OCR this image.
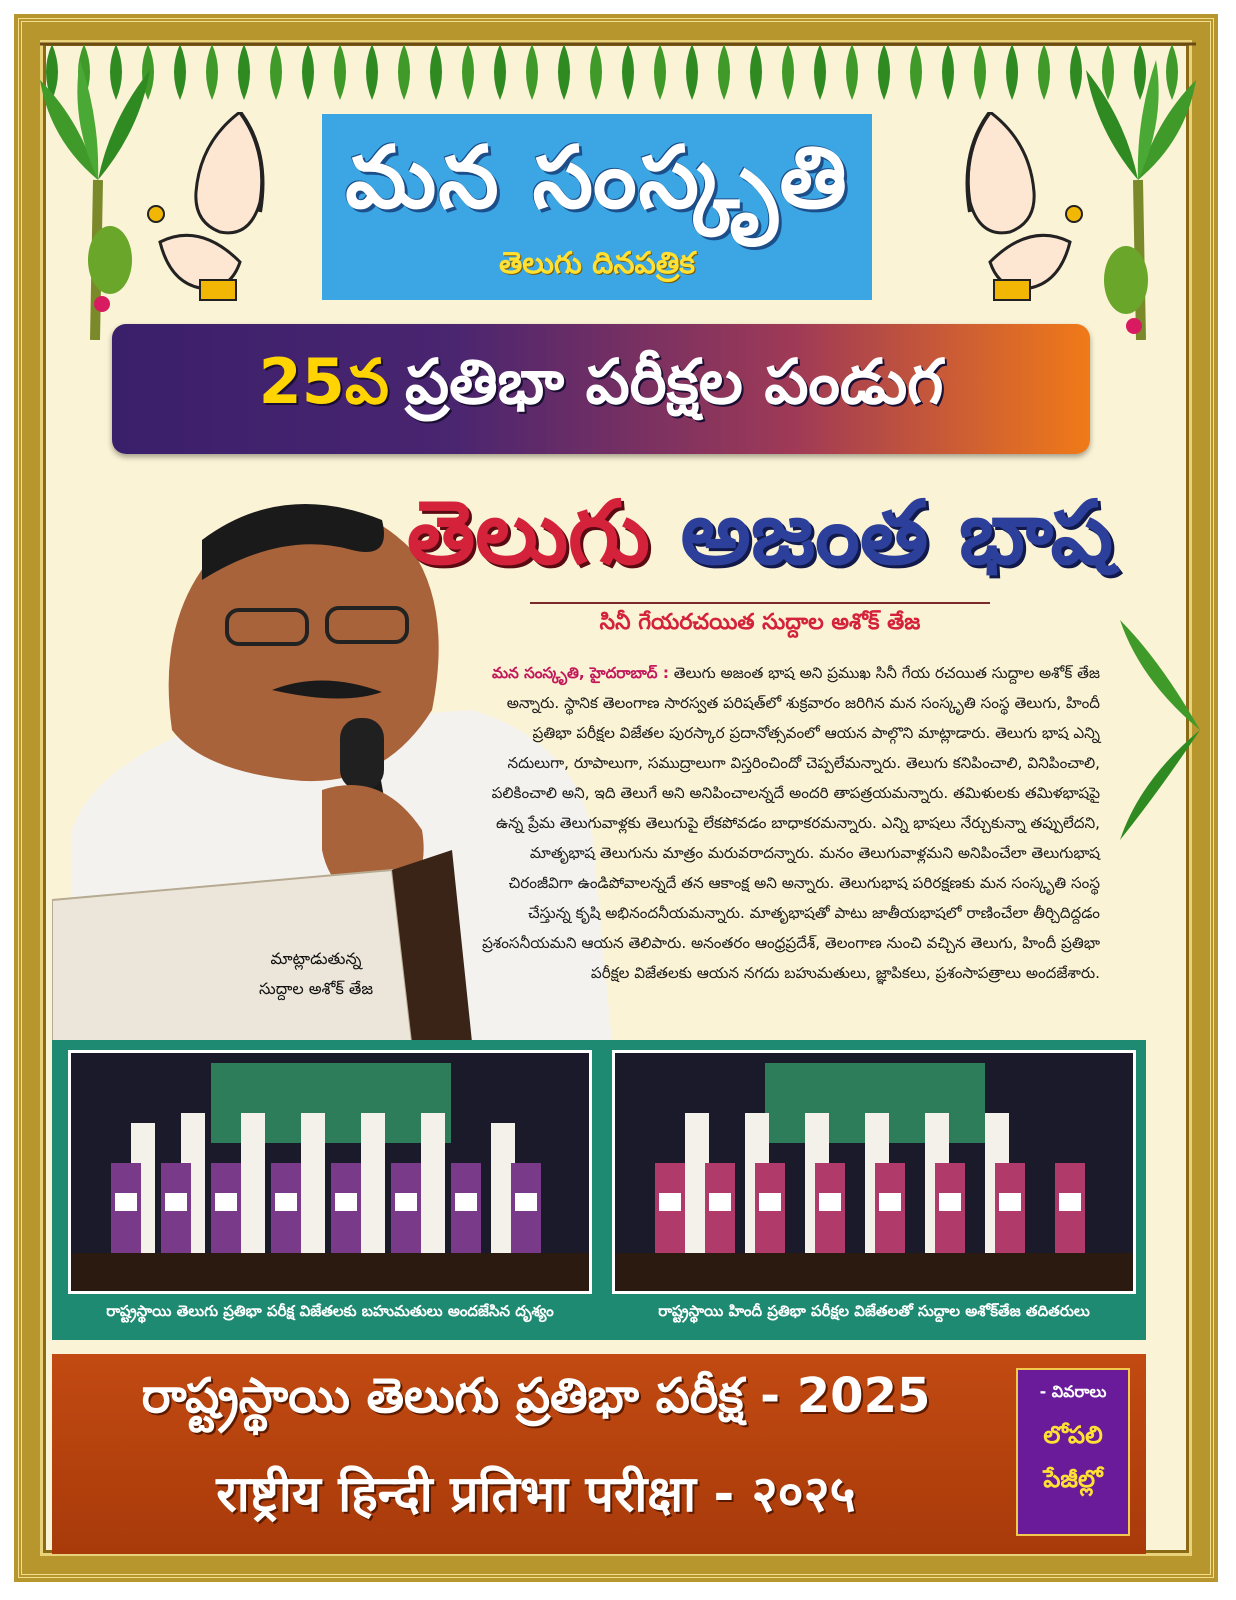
మన సంస్కృతి
తెలుగు దినపత్రిక
25వ ప్రతిభా పరీక్షల పండుగ
మాట్లాడుతున్న
సుద్దాల అశోక్ తేజ
తెలుగు అజంత భాష
సినీ గేయరచయిత సుద్దాల అశోక్ తేజ
మన సంస్కృతి, హైదరాబాద్ : తెలుగు అజంత భాష అని ప్రముఖ సినీ గేయ రచయిత సుద్దాల అశోక్ తేజ అన్నారు. స్థానిక తెలంగాణ సారస్వత పరిషత్‌లో శుక్రవారం జరిగిన మన సంస్కృతి సంస్థ తెలుగు, హిందీ ప్రతిభా పరీక్షల విజేతల పురస్కార ప్రదానోత్సవంలో ఆయన పాల్గొని మాట్లాడారు. తెలుగు భాష ఎన్ని నదులుగా, రూపాలుగా, సముద్రాలుగా విస్తరించిందో చెప్పలేమన్నారు. తెలుగు కనిపించాలి, వినిపించాలి, పలికించాలి అని, ఇది తెలుగే అని అనిపించాలన్నదే అందరి తాపత్రయమన్నారు. తమిళులకు తమిళభాషపై ఉన్న ప్రేమ తెలుగువాళ్లకు తెలుగుపై లేకపోవడం బాధాకరమన్నారు. ఎన్ని భాషలు నేర్చుకున్నా తప్పులేదని, మాతృభాష తెలుగును మాత్రం మరువరాదన్నారు. మనం తెలుగువాళ్లమని అనిపించేలా తెలుగుభాష చిరంజీవిగా ఉండిపోవాలన్నదే తన ఆకాంక్ష అని అన్నారు. తెలుగుభాష పరిరక్షణకు మన సంస్కృతి సంస్థ చేస్తున్న కృషి అభినందనీయమన్నారు. మాతృభాషతో పాటు జాతీయభాషలో రాణించేలా తీర్చిదిద్దడం ప్రశంసనీయమని ఆయన తెలిపారు. అనంతరం ఆంధ్రప్రదేశ్, తెలంగాణ నుంచి వచ్చిన తెలుగు, హిందీ ప్రతిభా పరీక్షల విజేతలకు ఆయన నగదు బహుమతులు, జ్ఞాపికలు, ప్రశంసాపత్రాలు అందజేశారు.
రాష్ట్రస్థాయి తెలుగు ప్రతిభా పరీక్ష విజేతలకు బహుమతులు అందజేసిన దృశ్యం	రాష్ట్రస్థాయి హిందీ ప్రతిభా పరీక్షల విజేతలతో సుద్దాల అశోక్‌తేజ తదితరులు
రాష్ట్రస్థాయి తెలుగు ప్రతిభా పరీక్ష - 2025
राष्ट्रीय हिन्दी प्रतिभा परीक्षा - २०२५
- వివరాలు
లోపలి
పేజీల్లో
